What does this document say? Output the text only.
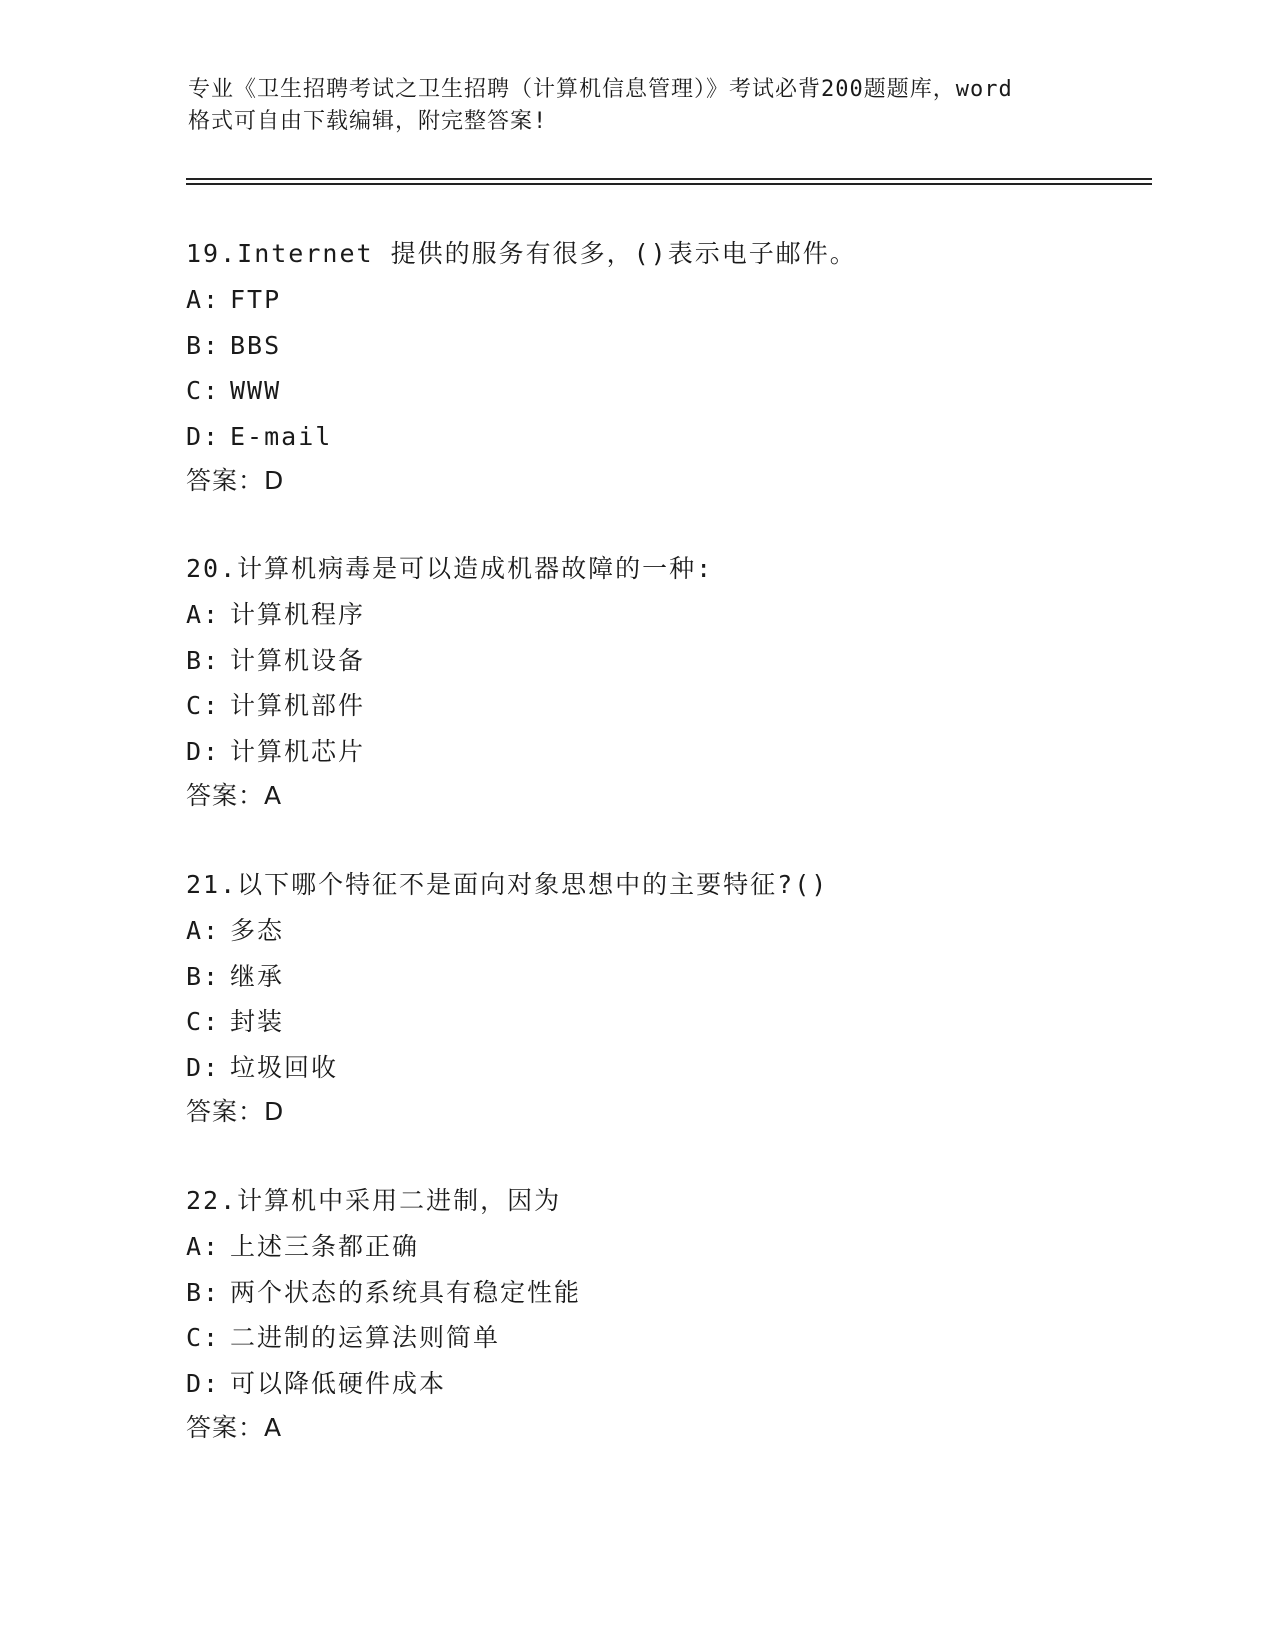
专业《卫生招聘考试之卫生招聘（计算机信息管理）》考试必背200题题库，word
格式可自由下载编辑，附完整答案!
19.Internet 提供的服务有很多，()表示电子邮件。
A: FTP
B: BBS
C: WWW
D: E-mail
答案：D
20.计算机病毒是可以造成机器故障的一种:
A: 计算机程序
B: 计算机设备
C: 计算机部件
D: 计算机芯片
答案：A
21.以下哪个特征不是面向对象思想中的主要特征?()
A: 多态
B: 继承
C: 封装
D: 垃圾回收
答案：D
22.计算机中采用二进制，因为
A: 上述三条都正确
B: 两个状态的系统具有稳定性能
C: 二进制的运算法则简单
D: 可以降低硬件成本
答案：A
